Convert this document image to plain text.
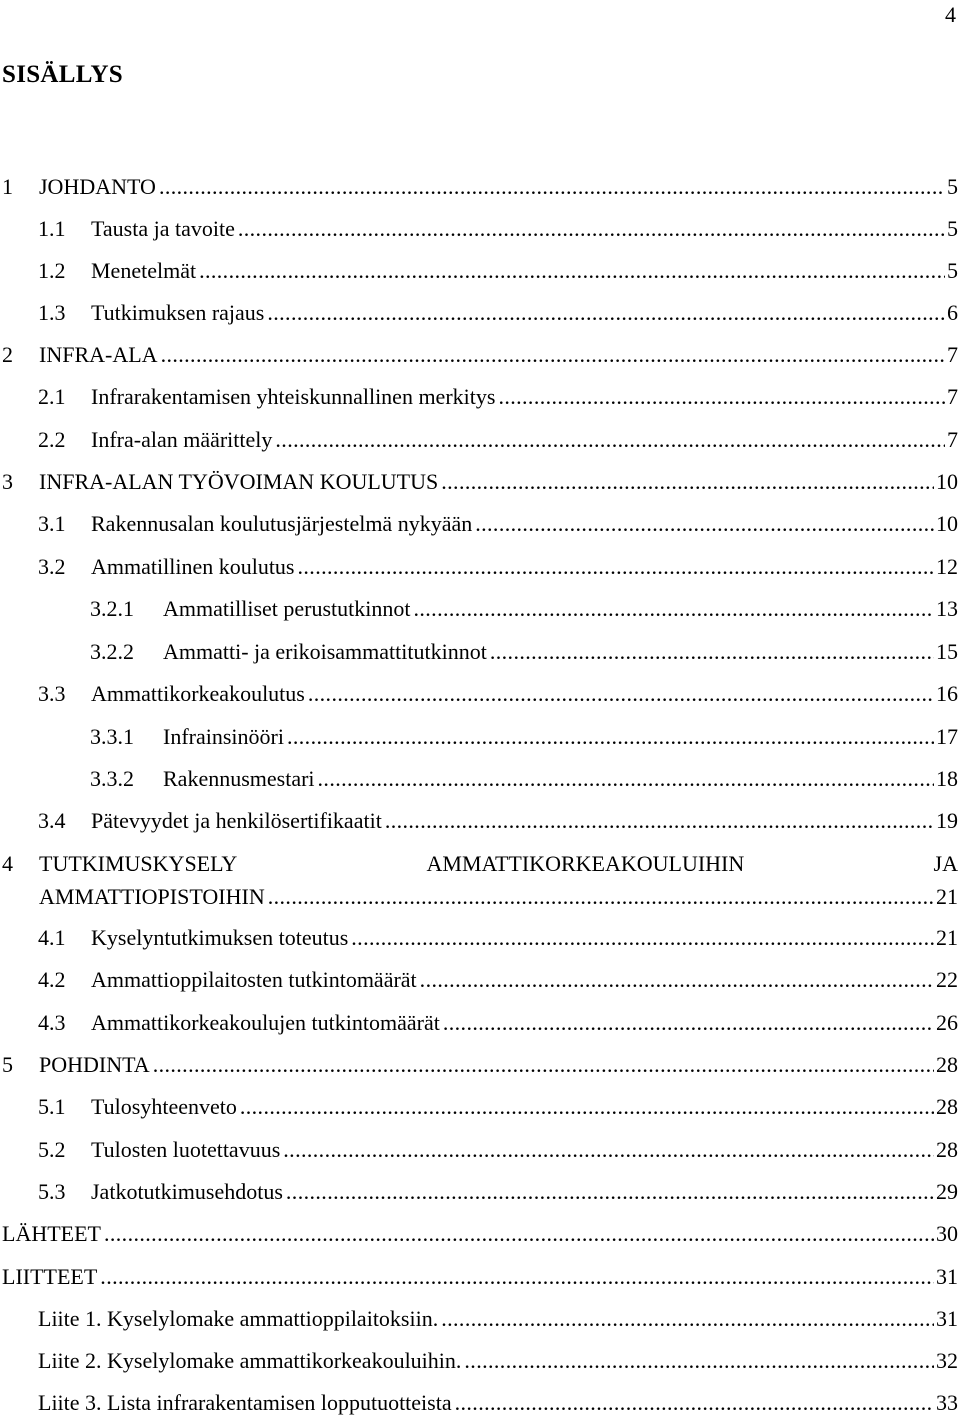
4
SISÄLLYS
1	JOHDANTO .....	5
1.1	Tausta ja tavoite .....	5
1.2	Menetelmät .....	5
1.3	Tutkimuksen rajaus .....	6
2	INFRA-ALA .....	7
2.1	Infrarakentamisen yhteiskunnallinen merkitys .....	7
2.2	Infra-alan määrittely .....	7
3	INFRA-ALAN TYÖVOIMAN KOULUTUS .....	10
3.1	Rakennusalan koulutusjärjestelmä nykyään .....	10
3.2	Ammatillinen koulutus .....	12
3.2.1	Ammatilliset perustutkinnot .....	13
3.2.2	Ammatti- ja erikoisammattitutkinnot .....	15
3.3	Ammattikorkeakoulutus .....	16
3.3.1	Infrainsinööri .....	17
3.3.2	Rakennusmestari .....	18
3.4	Pätevyydet ja henkilösertifikaatit .....	19
4 TUTKIMUSKYSELY	AMMATTIKORKEAKOULUIHIN	JA
AMMATTIOPISTOIHIN .....	21
4.1	Kyselyntutkimuksen toteutus .....	21
4.2	Ammattioppilaitosten tutkintomäärät .....	22
4.3	Ammattikorkeakoulujen tutkintomäärät .....	26
5	POHDINTA .....	28
5.1	Tulosyhteenveto .....	28
5.2	Tulosten luotettavuus .....	28
5.3	Jatkotutkimusehdotus .....	29
LÄHTEET .....	30
LIITTEET .....	31
Liite 1. Kyselylomake ammattioppilaitoksiin. .....	31
Liite 2. Kyselylomake ammattikorkeakouluihin. .....	32
Liite 3. Lista infrarakentamisen lopputuotteista .....	33
